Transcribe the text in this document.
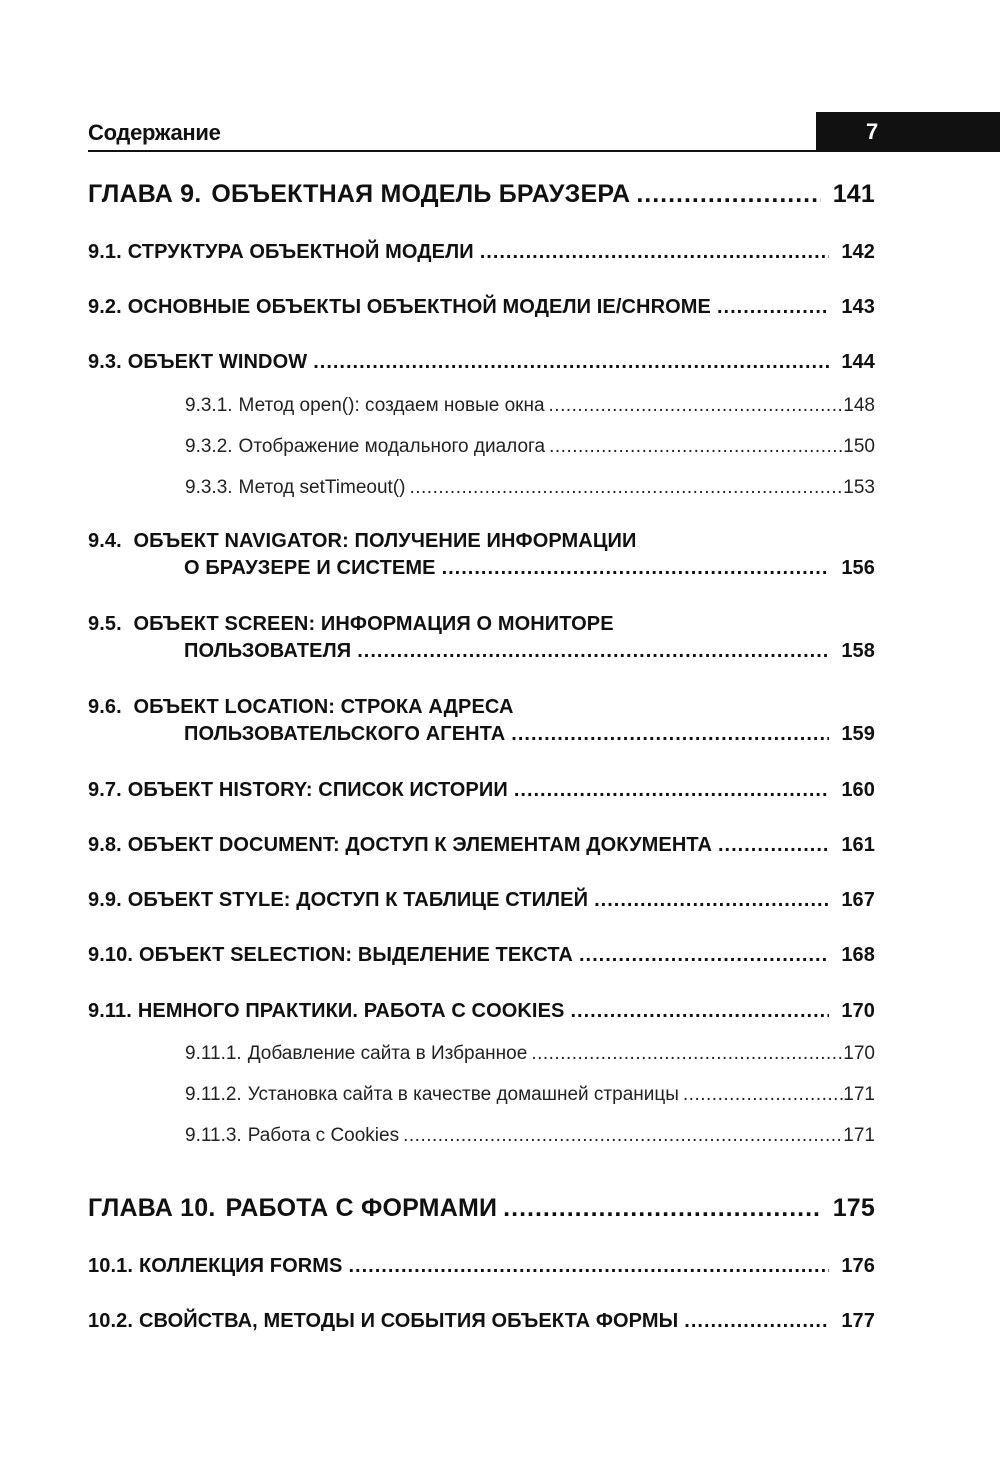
Содержание	7
ГЛАВА 9. ОБЪЕКТНАЯ МОДЕЛЬ БРАУЗЕРА .....	141
9.1. СТРУКТУРА ОБЪЕКТНОЙ МОДЕЛИ .....	142
9.2. ОСНОВНЫЕ ОБЪЕКТЫ ОБЪЕКТНОЙ МОДЕЛИ IE/CHROME .....	143
9.3. ОБЪЕКТ WINDOW .....	144
9.3.1. Метод open(): создаем новые окна .....	148
9.3.2. Отображение модального диалога .....	150
9.3.3. Метод setTimeout() .....	153
9.4. ОБЪЕКТ NAVIGATOR: ПОЛУЧЕНИЕ ИНФОРМАЦИИ
О БРАУЗЕРЕ И СИСТЕМЕ .....	156
9.5. ОБЪЕКТ SCREEN: ИНФОРМАЦИЯ О МОНИТОРЕ
ПОЛЬЗОВАТЕЛЯ .....	158
9.6. ОБЪЕКТ LOCATION: СТРОКА АДРЕСА
ПОЛЬЗОВАТЕЛЬСКОГО АГЕНТА .....	159
9.7. ОБЪЕКТ HISTORY: СПИСОК ИСТОРИИ .....	160
9.8. ОБЪЕКТ DOCUMENT: ДОСТУП К ЭЛЕМЕНТАМ ДОКУМЕНТА .....	161
9.9. ОБЪЕКТ STYLE: ДОСТУП К ТАБЛИЦЕ СТИЛЕЙ .....	167
9.10. ОБЪЕКТ SELECTION: ВЫДЕЛЕНИЕ ТЕКСТА .....	168
9.11. НЕМНОГО ПРАКТИКИ. РАБОТА С COOKIES .....	170
9.11.1. Добавление сайта в Избранное .....	170
9.11.2. Установка сайта в качестве домашней страницы .....	171
9.11.3. Работа с Cookies .....	171
ГЛАВА 10. РАБОТА С ФОРМАМИ .....	175
10.1. КОЛЛЕКЦИЯ FORMS .....	176
10.2. СВОЙСТВА, МЕТОДЫ И СОБЫТИЯ ОБЪЕКТА ФОРМЫ .....	177
